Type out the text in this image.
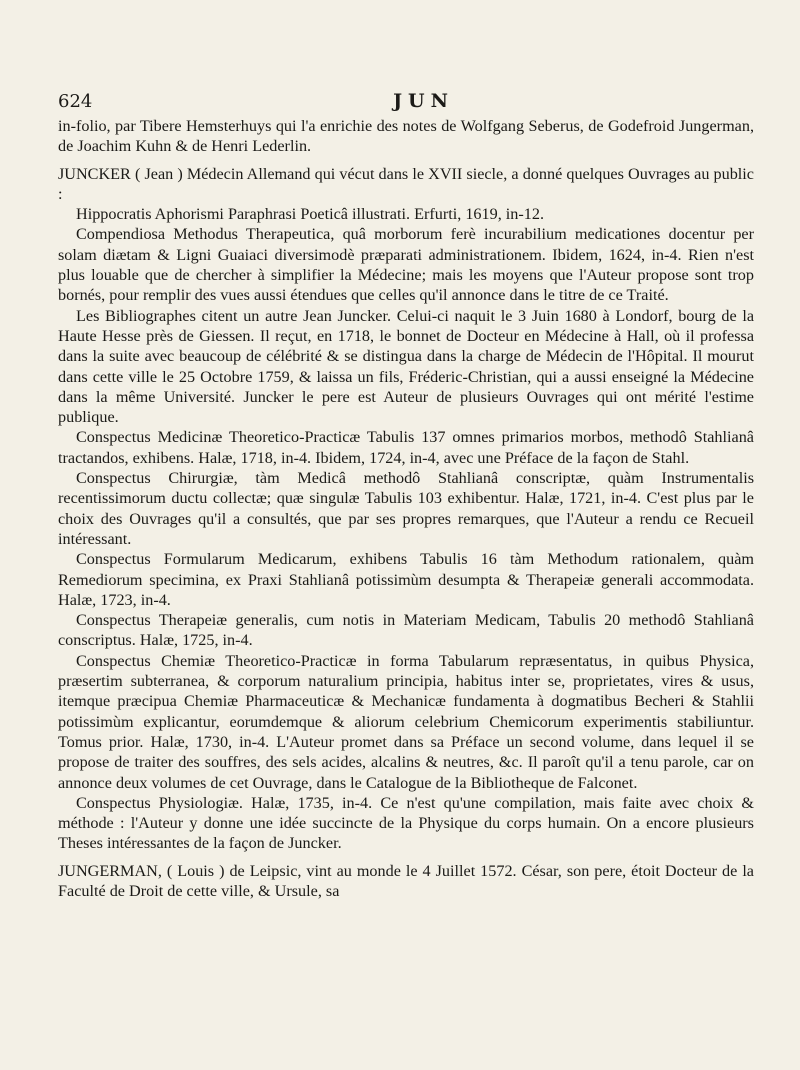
624	JUN

in-folio, par Tibere Hemsterhuys qui l'a enrichie des notes de Wolfgang Seberus, de Godefroid Jungerman, de Joachim Kuhn & de Henri Lederlin.

JUNCKER ( Jean ) Médecin Allemand qui vécut dans le XVII siecle, a donné quelques Ouvrages au public :

Hippocratis Aphorismi Paraphrasi Poeticâ illustrati. Erfurti, 1619, in-12.

Compendiosa Methodus Therapeutica, quâ morborum ferè incurabilium medicationes docentur per solam diætam & Ligni Guaiaci diversimodè præparati administrationem. Ibidem, 1624, in-4. Rien n'est plus louable que de chercher à simplifier la Médecine; mais les moyens que l'Auteur propose sont trop bornés, pour remplir des vues aussi étendues que celles qu'il annonce dans le titre de ce Traité.

Les Bibliographes citent un autre Jean Juncker. Celui-ci naquit le 3 Juin 1680 à Londorf, bourg de la Haute Hesse près de Giessen. Il reçut, en 1718, le bonnet de Docteur en Médecine à Hall, où il professa dans la suite avec beaucoup de célébrité & se distingua dans la charge de Médecin de l'Hôpital. Il mourut dans cette ville le 25 Octobre 1759, & laissa un fils, Fréderic-Christian, qui a aussi enseigné la Médecine dans la même Université. Juncker le pere est Auteur de plusieurs Ouvrages qui ont mérité l'estime publique.

Conspectus Medicinæ Theoretico-Practicæ Tabulis 137 omnes primarios morbos, methodô Stahlianâ tractandos, exhibens. Halæ, 1718, in-4. Ibidem, 1724, in-4, avec une Préface de la façon de Stahl.

Conspectus Chirurgiæ, tàm Medicâ methodô Stahlianâ conscriptæ, quàm Instrumentalis recentissimorum ductu collectæ; quæ singulæ Tabulis 103 exhibentur. Halæ, 1721, in-4. C'est plus par le choix des Ouvrages qu'il a consultés, que par ses propres remarques, que l'Auteur a rendu ce Recueil intéressant.

Conspectus Formularum Medicarum, exhibens Tabulis 16 tàm Methodum rationalem, quàm Remediorum specimina, ex Praxi Stahlianâ potissimùm desumpta & Therapeiæ generali accommodata. Halæ, 1723, in-4.

Conspectus Therapeiæ generalis, cum notis in Materiam Medicam, Tabulis 20 methodô Stahlianâ conscriptus. Halæ, 1725, in-4.

Conspectus Chemiæ Theoretico-Practicæ in forma Tabularum repræsentatus, in quibus Physica, præsertim subterranea, & corporum naturalium principia, habitus inter se, proprietates, vires & usus, itemque præcipua Chemiæ Pharmaceuticæ & Mechanicæ fundamenta à dogmatibus Becheri & Stahlii potissimùm explicantur, eorumdemque & aliorum celebrium Chemicorum experimentis stabiliuntur. Tomus prior. Halæ, 1730, in-4. L'Auteur promet dans sa Préface un second volume, dans lequel il se propose de traiter des souffres, des sels acides, alcalins & neutres, &c. Il paroît qu'il a tenu parole, car on annonce deux volumes de cet Ouvrage, dans le Catalogue de la Bibliotheque de Falconet.

Conspectus Physiologiæ. Halæ, 1735, in-4. Ce n'est qu'une compilation, mais faite avec choix & méthode : l'Auteur y donne une idée succincte de la Physique du corps humain. On a encore plusieurs Theses intéressantes de la façon de Juncker.

JUNGERMAN, ( Louis ) de Leipsic, vint au monde le 4 Juillet 1572. César, son pere, étoit Docteur de la Faculté de Droit de cette ville, & Ursule, sa
